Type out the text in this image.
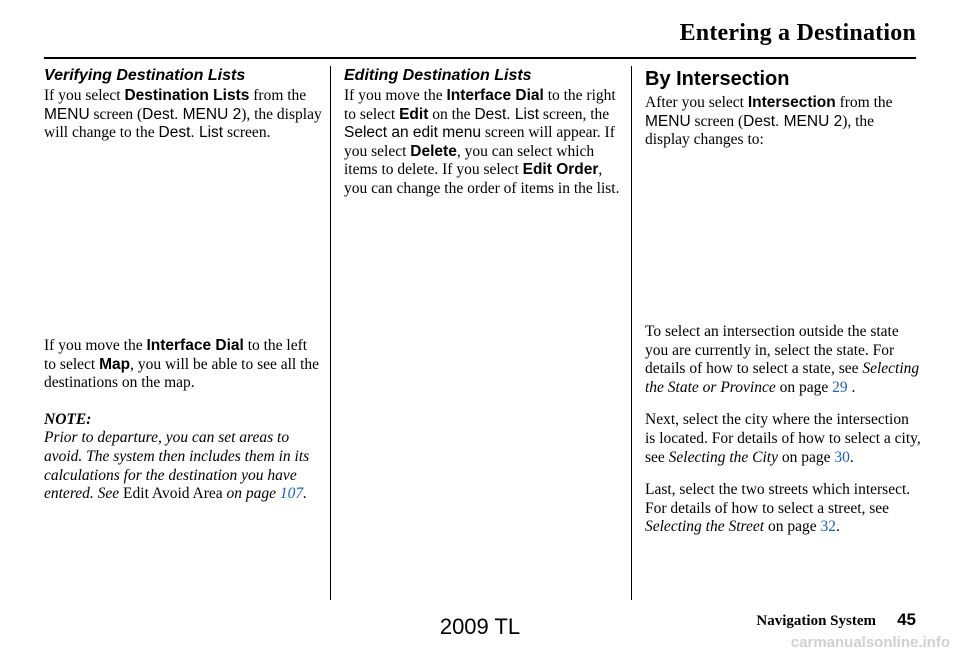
Entering a Destination
Verifying Destination Lists

If you select Destination Lists from the MENU screen (Dest. MENU 2), the display will change to the Dest. List screen.

If you move the Interface Dial to the left to select Map, you will be able to see all the destinations on the map.

NOTE:

Prior to departure, you can set areas to avoid. The system then includes them in its calculations for the destination you have entered. See Edit Avoid Area on page 107.

Editing Destination Lists

If you move the Interface Dial to the right to select Edit on the Dest. List screen, the Select an edit menu screen will appear. If you select Delete, you can select which items to delete. If you select Edit Order, you can change the order of items in the list.

By Intersection

After you select Intersection from the MENU screen (Dest. MENU 2), the display changes to:

To select an intersection outside the state you are currently in, select the state. For details of how to select a state, see Selecting the State or Province on page 29 .

Next, select the city where the intersection is located. For details of how to select a city, see Selecting the City on page 30.

Last, select the two streets which intersect. For details of how to select a street, see Selecting the Street on page 32.

Navigation System 45
2009 TL
carmanualsonline.info
